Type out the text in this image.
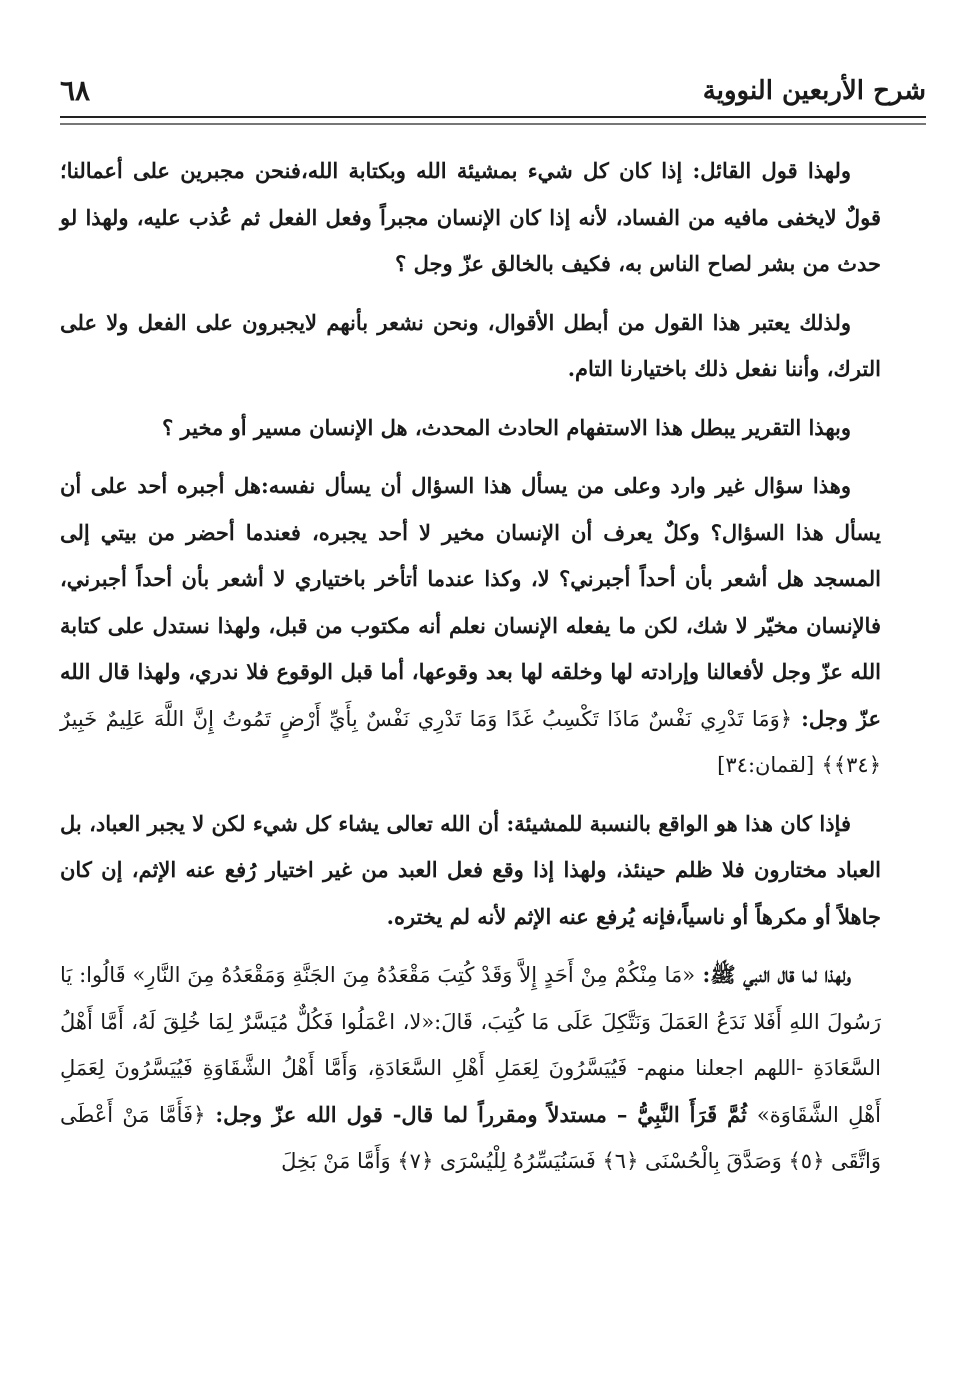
شرح الأربعين النووية
٦٨

ولهذا قول القائل: إذا كان كل شيء بمشيئة الله وبكتابة الله،فنحن مجبرين على أعمالنا؛ قولٌ لايخفى مافيه من الفساد، لأنه إذا كان الإنسان مجبراً وفعل الفعل ثم عُذب عليه، ولهذا لو حدث من بشر لصاح الناس به، فكيف بالخالق عزّ وجل ؟

ولذلك يعتبر هذا القول من أبطل الأقوال، ونحن نشعر بأنهم لايجبرون على الفعل ولا على الترك، وأننا نفعل ذلك باختيارنا التام.

وبهذا التقرير يبطل هذا الاستفهام الحادث المحدث، هل الإنسان مسير أو مخير ؟

وهذا سؤال غير وارد وعلى من يسأل هذا السؤال أن يسأل نفسه:هل أجبره أحد على أن يسأل هذا السؤال؟ وكلٌ يعرف أن الإنسان مخير لا أحد يجبره، فعندما أحضر من بيتي إلى المسجد هل أشعر بأن أحداً أجبرني؟ لا، وكذا عندما أتأخر باختياري لا أشعر بأن أحداً أجبرني، فالإنسان مخيّر لا شك، لكن ما يفعله الإنسان نعلم أنه مكتوب من قبل، ولهذا نستدل على كتابة الله عزّ وجل لأفعالنا وإرادته لها وخلقه لها بعد وقوعها، أما قبل الوقوع فلا ندري، ولهذا قال الله عزّ وجل: ﴿وَمَا تَدْرِي نَفْسٌ مَاذَا تَكْسِبُ غَدًا وَمَا تَدْرِي نَفْسٌ بِأَيِّ أَرْضٍ تَمُوتُ إِنَّ اللَّهَ عَلِيمٌ خَبِيرٌ ﴿٣٤﴾﴾ [لقمان:٣٤]

فإذا كان هذا هو الواقع بالنسبة للمشيئة: أن الله تعالى يشاء كل شيء لكن لا يجبر العباد، بل العباد مختارون فلا ظلم حينئذ، ولهذا إذا وقع فعل العبد من غير اختيار رُفع عنه الإثم، إن كان جاهلاً أو مكرهاً أو ناسياً،فإنه يُرفع عنه الإثم لأنه لم يختره.

ولهذا لما قال النبي ﷺ: «مَا مِنْكُمْ مِنْ أَحَدٍ إِلاَّ وَقَدْ كُتِبَ مَقْعَدُهُ مِنَ الجَنَّةِ وَمَقْعَدُهُ مِنَ النَّارِ» قَالُوا: يَا رَسُولَ اللهِ أَفَلا نَدَعُ العَمَلَ وَنَتَّكِلَ عَلَى مَا كُتِبَ، قَالَ:«لا، اعْمَلُوا فَكُلٌّ مُيَسَّرٌ لِمَا خُلِقَ لَهُ، أَمَّا أَهْلُ السَّعَادَةِ -اللهم اجعلنا منهم- فَيُيَسَّرُونَ لِعَمَلِ أَهْلِ السَّعَادَةِ، وَأَمَّا أَهْلُ الشَّقَاوَةِ فَيُيَسَّرُونَ لِعَمَلِ أَهْلِ الشَّقَاوَة» ثُمَّ قَرَأَ النَّبِيُّ – مستدلاً ومقرراً لما قال- قول الله عزّ وجل: ﴿فَأَمَّا مَنْ أَعْطَى وَاتَّقَى ﴿٥﴾ وَصَدَّقَ بِالْحُسْنَى ﴿٦﴾ فَسَنُيَسِّرُهُ لِلْيُسْرَى ﴿٧﴾ وَأَمَّا مَنْ بَخِلَ
